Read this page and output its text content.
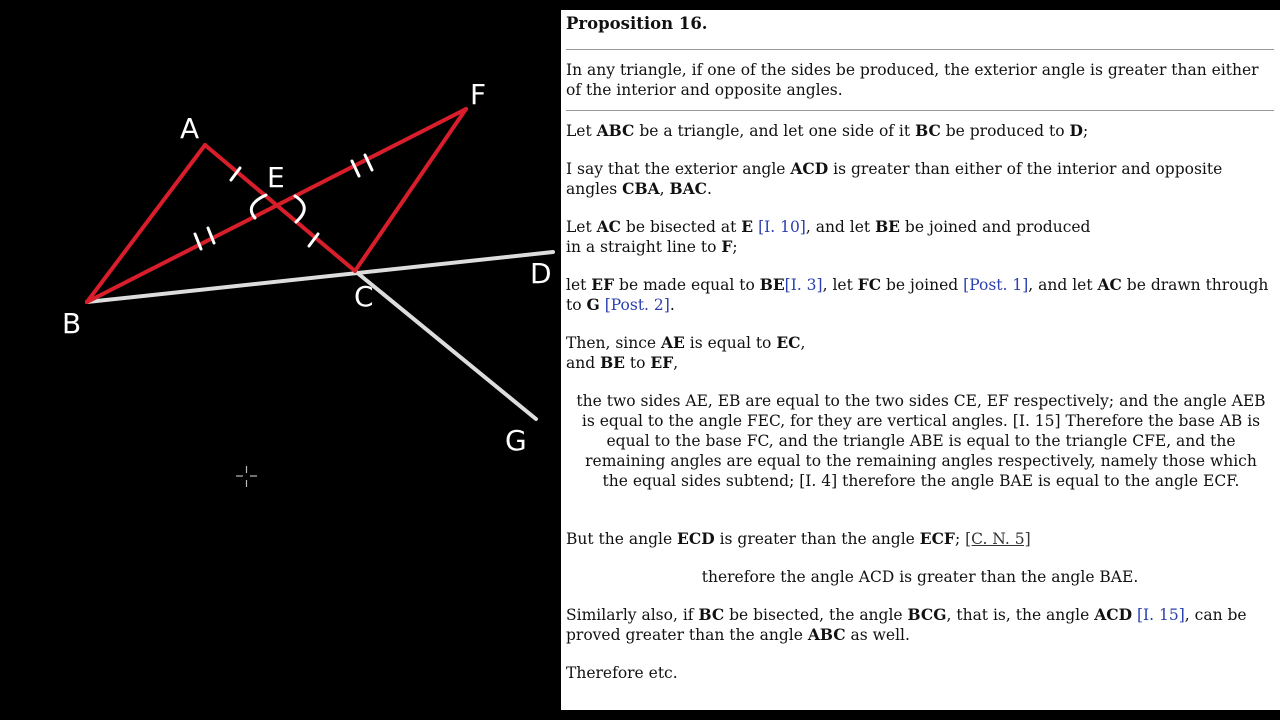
A
B
C
D
E
F
G
Proposition 16.

In any triangle, if one of the sides be produced, the exterior angle is greater than either of the interior and opposite angles.

Let ABC be a triangle, and let one side of it BC be produced to D;

I say that the exterior angle ACD is greater than either of the interior and opposite angles CBA, BAC.

Let AC be bisected at E [I. 10], and let BE be joined and produced
in a straight line to F;

let EF be made equal to BE[I. 3], let FC be joined [Post. 1], and let AC be drawn through to G [Post. 2].

Then, since AE is equal to EC,
and BE to EF,

the two sides AE, EB are equal to the two sides CE, EF respectively; and the angle AEB is equal to the angle FEC, for they are vertical angles. [I. 15] Therefore the base AB is equal to the base FC, and the triangle ABE is equal to the triangle CFE, and the remaining angles are equal to the remaining angles respectively, namely those which the equal sides subtend; [I. 4] therefore the angle BAE is equal to the angle ECF.

But the angle ECD is greater than the angle ECF; [C. N. 5]

therefore the angle ACD is greater than the angle BAE.

Similarly also, if BC be bisected, the angle BCG, that is, the angle ACD [I. 15], can be proved greater than the angle ABC as well.

Therefore etc.
